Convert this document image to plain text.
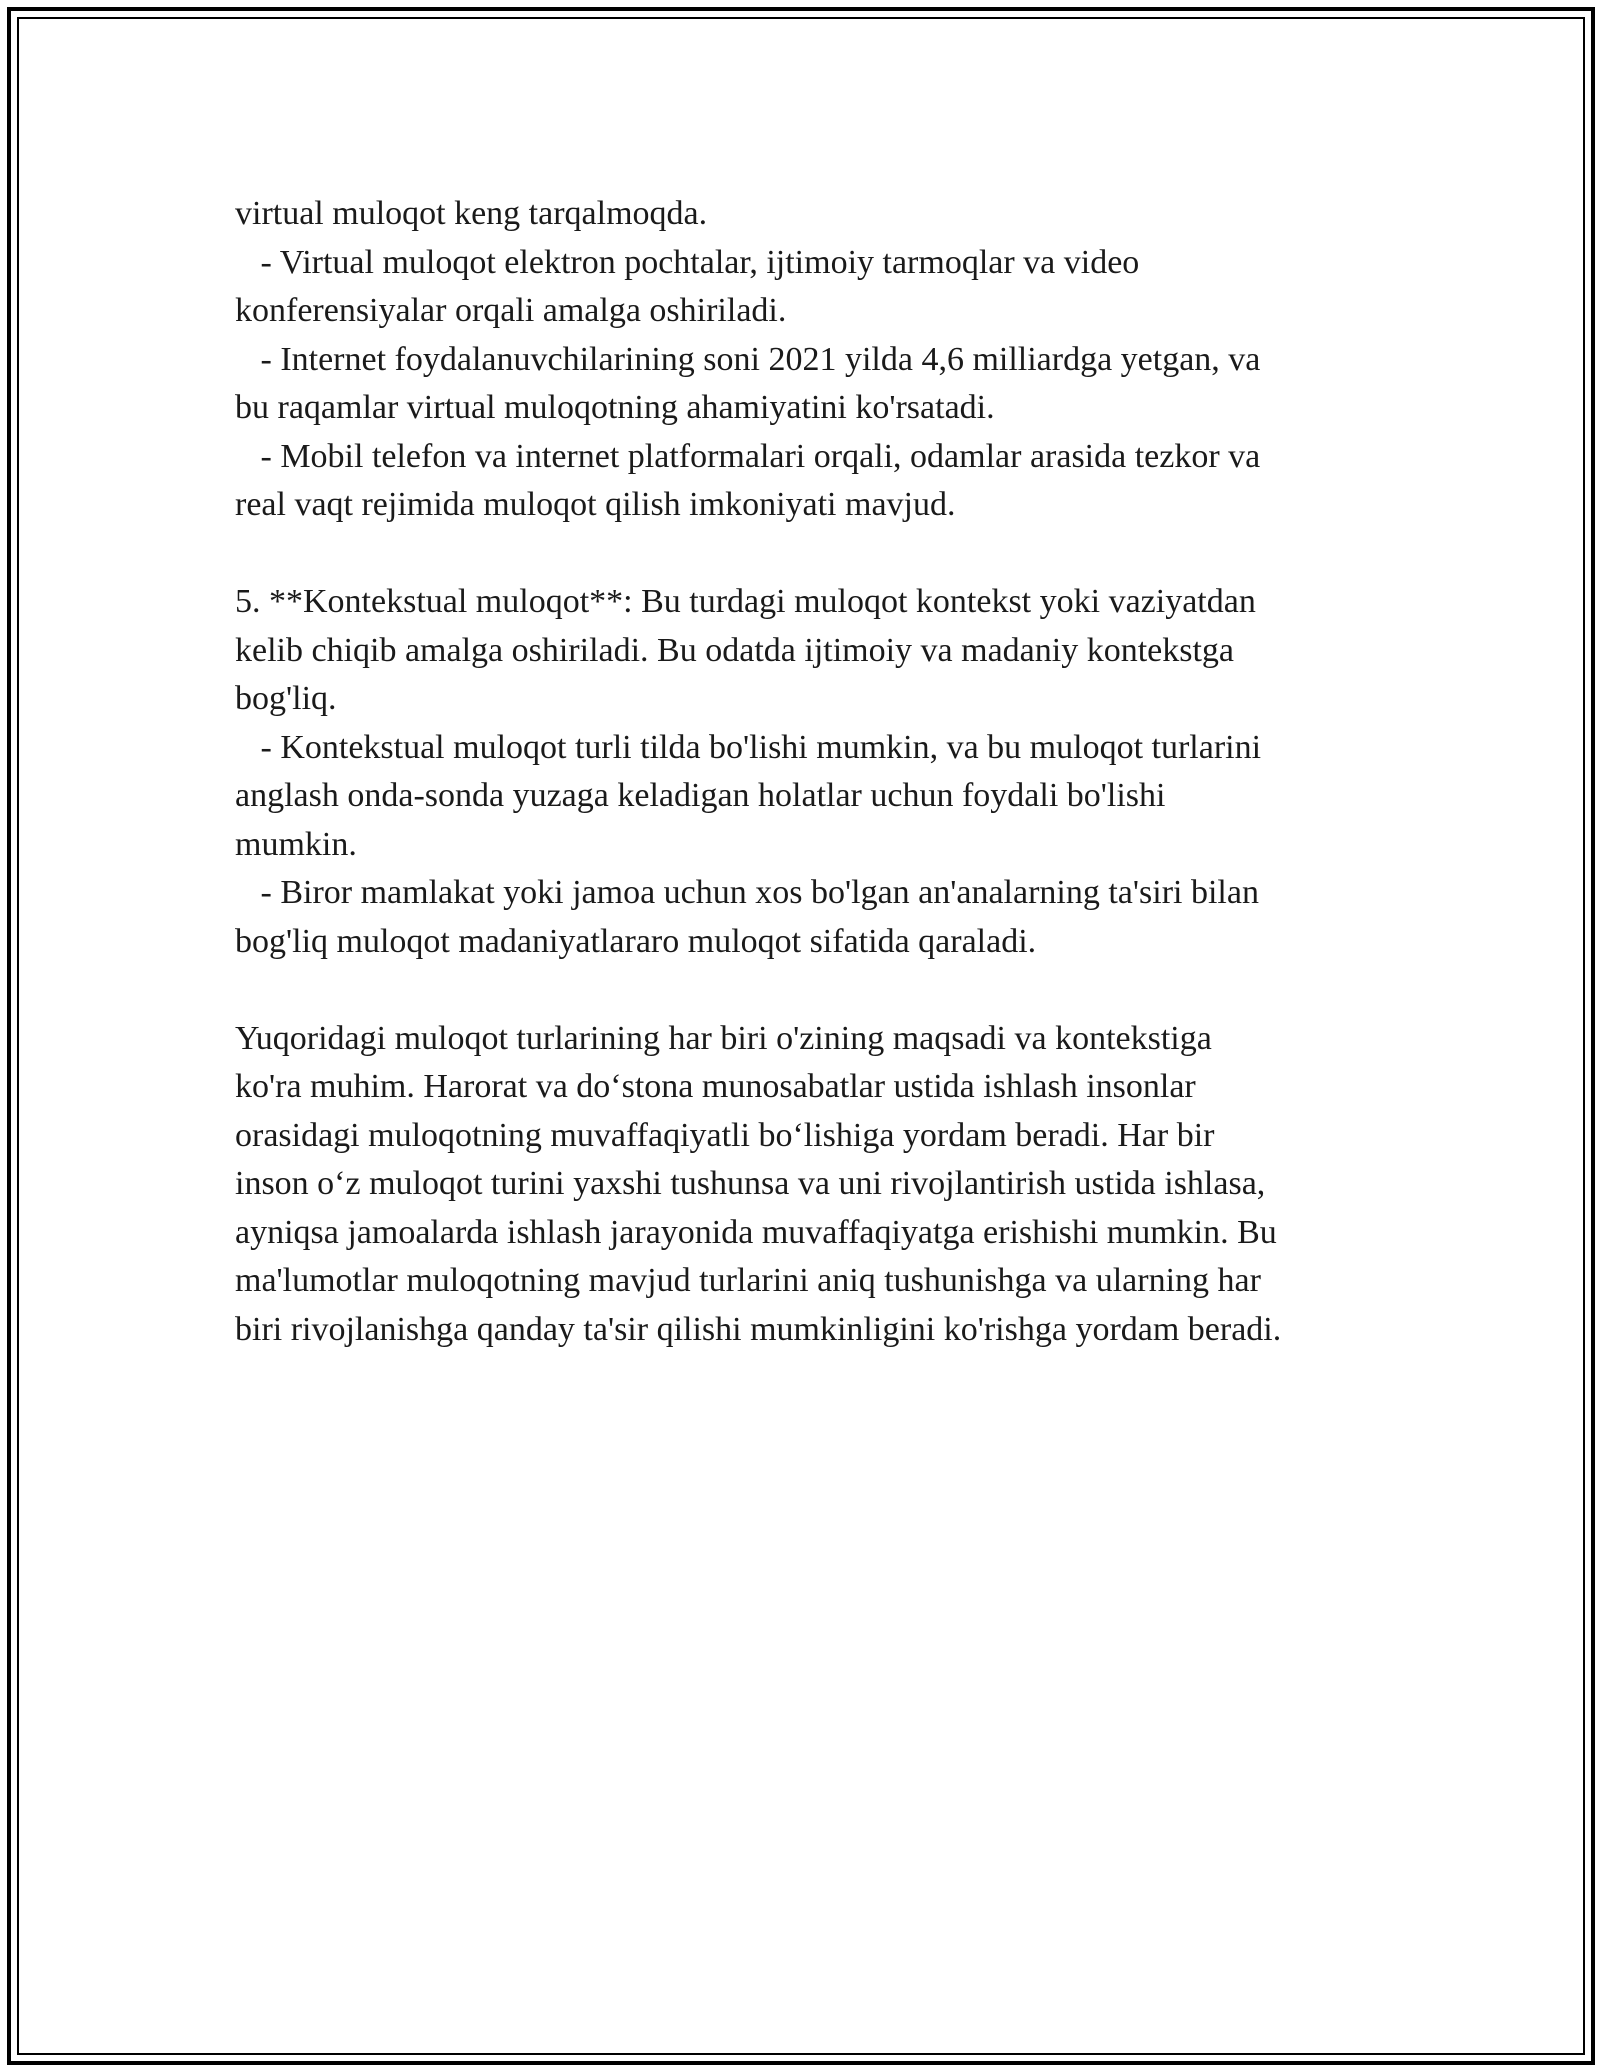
virtual muloqot keng tarqalmoqda.
- Virtual muloqot elektron pochtalar, ijtimoiy tarmoqlar va video
konferensiyalar orqali amalga oshiriladi.
- Internet foydalanuvchilarining soni 2021 yilda 4,6 milliardga yetgan, va
bu raqamlar virtual muloqotning ahamiyatini ko'rsatadi.
- Mobil telefon va internet platformalari orqali, odamlar arasida tezkor va
real vaqt rejimida muloqot qilish imkoniyati mavjud.
5. **Kontekstual muloqot**: Bu turdagi muloqot kontekst yoki vaziyatdan
kelib chiqib amalga oshiriladi. Bu odatda ijtimoiy va madaniy kontekstga
bog'liq.
- Kontekstual muloqot turli tilda bo'lishi mumkin, va bu muloqot turlarini
anglash onda-sonda yuzaga keladigan holatlar uchun foydali bo'lishi
mumkin.
- Biror mamlakat yoki jamoa uchun xos bo'lgan an'analarning ta'siri bilan
bog'liq muloqot madaniyatlararo muloqot sifatida qaraladi.
Yuqoridagi muloqot turlarining har biri o'zining maqsadi va kontekstiga
ko'ra muhim. Harorat va do‘stona munosabatlar ustida ishlash insonlar
orasidagi muloqotning muvaffaqiyatli bo‘lishiga yordam beradi. Har bir
inson o‘z muloqot turini yaxshi tushunsa va uni rivojlantirish ustida ishlasa,
ayniqsa jamoalarda ishlash jarayonida muvaffaqiyatga erishishi mumkin. Bu
ma'lumotlar muloqotning mavjud turlarini aniq tushunishga va ularning har
biri rivojlanishga qanday ta'sir qilishi mumkinligini ko'rishga yordam beradi.
